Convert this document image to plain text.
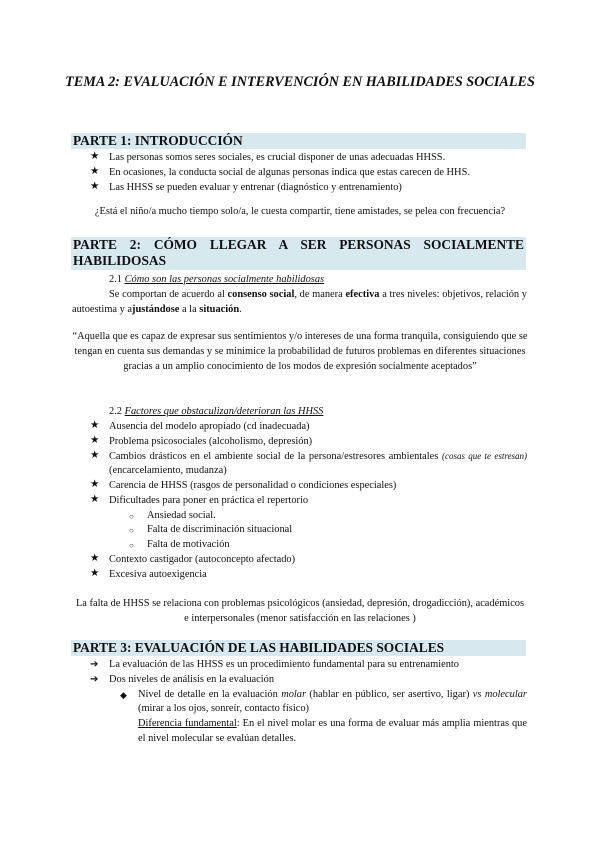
TEMA 2: EVALUACIÓN E INTERVENCIÓN EN HABILIDADES SOCIALES
PARTE 1: INTRODUCCIÓN
★ Las personas somos seres sociales, es crucial disponer de unas adecuadas HHSS.
★ En ocasiones, la conducta social de algunas personas indica que estas carecen de HHS.
★ Las HHSS se pueden evaluar y entrenar (diagnóstico y entrenamiento)

¿Está el niño/a mucho tiempo solo/a, le cuesta compartir, tiene amistades, se pelea con frecuencia?

PARTE 2: CÓMO LLEGAR A SER PERSONAS SOCIALMENTE HABILIDOSAS
2.1 Cómo son las personas socialmente habilidosas

Se comportan de acuerdo al consenso social, de manera efectiva a tres niveles: objetivos, relación y autoestima y ajustándose a la situación.

“Aquella que es capaz de expresar sus sentimientos y/o intereses de una forma tranquila, consiguiendo que se tengan en cuenta sus demandas y se minimice la probabilidad de futuros problemas en diferentes situaciones gracias a un amplio conocimiento de los modos de expresión socialmente aceptados”

2.2 Factores que obstaculizan/deterioran las HHSS
★ Ausencia del modelo apropiado (cd inadecuada)
★ Problema psicosociales (alcoholismo, depresión)
★ Cambios drásticos en el ambiente social de la persona/estresores ambientales (cosas que te estresan) (encarcelamiento, mudanza)
★ Carencia de HHSS (rasgos de personalidad o condiciones especiales)
★ Dificultades para poner en práctica el repertorio
○ Ansiedad social.
○ Falta de discriminación situacional
○ Falta de motivación
★ Contexto castigador (autoconcepto afectado)
★ Excesiva autoexigencia

La falta de HHSS se relaciona con problemas psicológicos (ansiedad, depresión, drogadicción), académicos e interpersonales (menor satisfacción en las relaciones )

PARTE 3: EVALUACIÓN DE LAS HABILIDADES SOCIALES
➔ La evaluación de las HHSS es un procedimiento fundamental para su entrenamiento
➔ Dos niveles de análisis en la evaluación
◆ Nivel de detalle en la evaluación molar (hablar en público, ser asertivo, ligar) vs molecular (mirar a los ojos, sonreír, contacto físico)

Diferencia fundamental: En el nivel molar es una forma de evaluar más amplia mientras que el nivel molecular se evalúan detalles.
